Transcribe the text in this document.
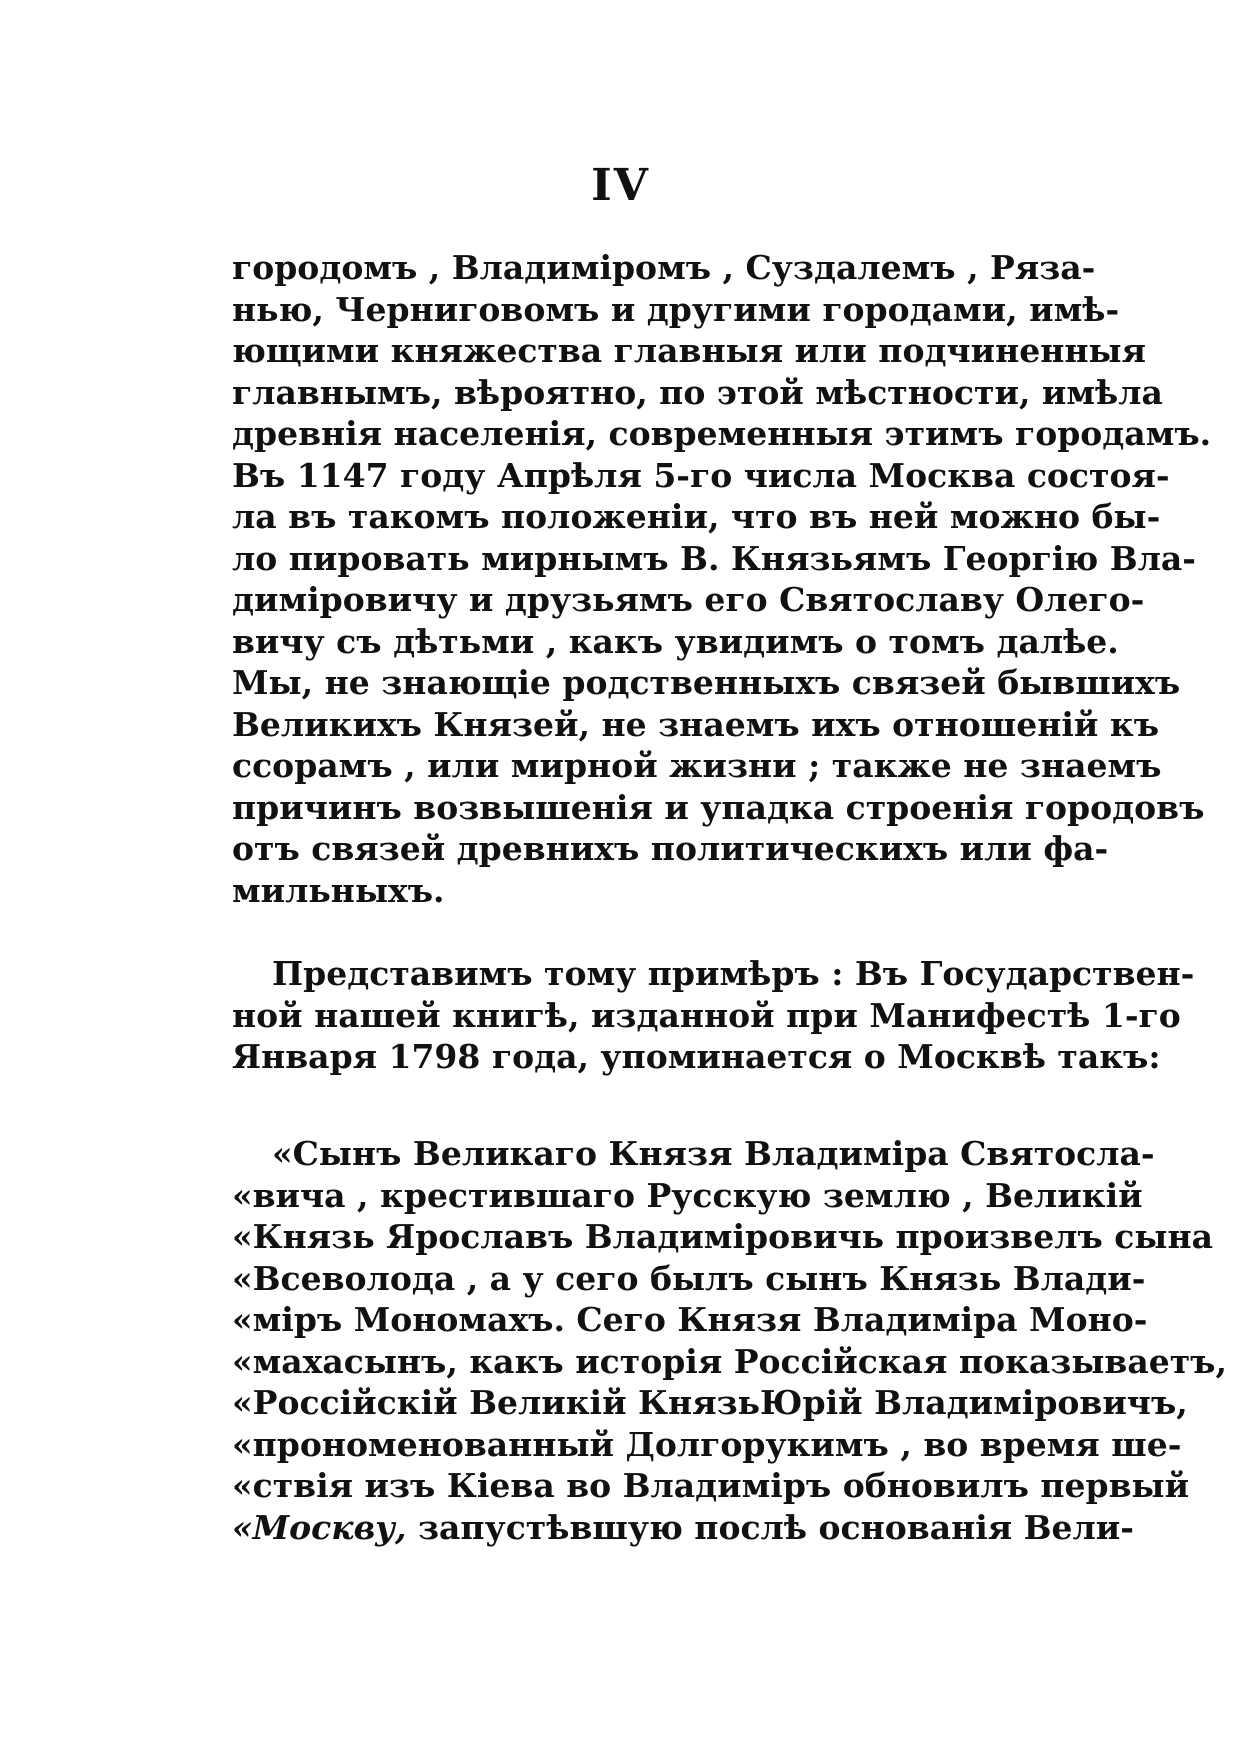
IV
городомъ , Владиміромъ , Суздалемъ , Ряза-
нью, Черниговомъ и другими городами, имѣ-
ющими княжества главныя или подчиненныя
главнымъ, вѣроятно, по этой мѣстности, имѣла
древнія населенія, современныя этимъ городамъ.
Въ 1147 году Апрѣля 5-го числа Москва состоя-
ла въ такомъ положеніи, что въ ней можно бы-
ло пировать мирнымъ В. Князьямъ Георгію Вла-
диміровичу и друзьямъ его Святославу Олего-
вичу съ дѣтьми , какъ увидимъ о томъ далѣе.
Мы, не знающіе родственныхъ связей бывшихъ
Великихъ Князей, не знаемъ ихъ отношеній къ
ссорамъ , или мирной жизни ; также не знаемъ
причинъ возвышенія и упадка строенія городовъ
отъ связей древнихъ политическихъ или фа-
мильныхъ.
Представимъ тому примѣръ : Въ Государствен-
ной нашей книгѣ, изданной при Манифестѣ 1-го
Января 1798 года, упоминается о Москвѣ такъ:
«Сынъ Великаго Князя Владиміра Святосла-
«вича , крестившаго Русскую землю , Великій
«Князь Ярославъ Владиміровичь произвелъ сына
«Всеволода , а у сего былъ сынъ Князь Влади-
«міръ Мономахъ. Сего Князя Владиміра Моно-
«махасынъ, какъ исторія Россійская показываетъ,
«Россійскій Великій КнязьЮрій Владиміровичъ,
«прономенованный Долгорукимъ , во время ше-
«ствія изъ Кіева во Владиміръ обновилъ первый
«Москву, запустѣвшую послѣ основанія Вели-
